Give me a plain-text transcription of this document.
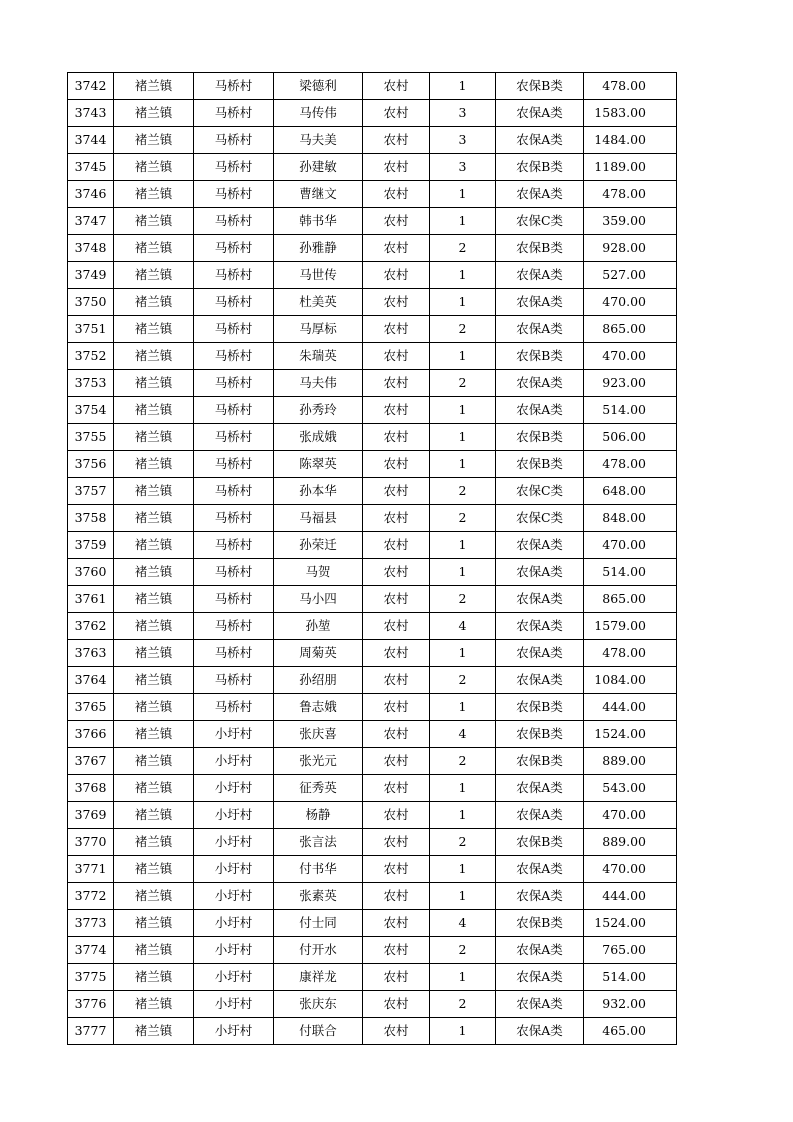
3742	褚兰镇	马桥村	梁德利	农村	1	农保B类	478.00
3743	褚兰镇	马桥村	马传伟	农村	3	农保A类	1583.00
3744	褚兰镇	马桥村	马夫美	农村	3	农保A类	1484.00
3745	褚兰镇	马桥村	孙建敏	农村	3	农保B类	1189.00
3746	褚兰镇	马桥村	曹继文	农村	1	农保A类	478.00
3747	褚兰镇	马桥村	韩书华	农村	1	农保C类	359.00
3748	褚兰镇	马桥村	孙雅静	农村	2	农保B类	928.00
3749	褚兰镇	马桥村	马世传	农村	1	农保A类	527.00
3750	褚兰镇	马桥村	杜美英	农村	1	农保A类	470.00
3751	褚兰镇	马桥村	马厚标	农村	2	农保A类	865.00
3752	褚兰镇	马桥村	朱瑞英	农村	1	农保B类	470.00
3753	褚兰镇	马桥村	马夫伟	农村	2	农保A类	923.00
3754	褚兰镇	马桥村	孙秀玲	农村	1	农保A类	514.00
3755	褚兰镇	马桥村	张成娥	农村	1	农保B类	506.00
3756	褚兰镇	马桥村	陈翠英	农村	1	农保B类	478.00
3757	褚兰镇	马桥村	孙本华	农村	2	农保C类	648.00
3758	褚兰镇	马桥村	马福县	农村	2	农保C类	848.00
3759	褚兰镇	马桥村	孙荣迁	农村	1	农保A类	470.00
3760	褚兰镇	马桥村	马贺	农村	1	农保A类	514.00
3761	褚兰镇	马桥村	马小四	农村	2	农保A类	865.00
3762	褚兰镇	马桥村	孙堃	农村	4	农保A类	1579.00
3763	褚兰镇	马桥村	周菊英	农村	1	农保A类	478.00
3764	褚兰镇	马桥村	孙绍朋	农村	2	农保A类	1084.00
3765	褚兰镇	马桥村	鲁志娥	农村	1	农保B类	444.00
3766	褚兰镇	小圩村	张庆喜	农村	4	农保B类	1524.00
3767	褚兰镇	小圩村	张光元	农村	2	农保B类	889.00
3768	褚兰镇	小圩村	征秀英	农村	1	农保A类	543.00
3769	褚兰镇	小圩村	杨静	农村	1	农保A类	470.00
3770	褚兰镇	小圩村	张言法	农村	2	农保B类	889.00
3771	褚兰镇	小圩村	付书华	农村	1	农保A类	470.00
3772	褚兰镇	小圩村	张素英	农村	1	农保A类	444.00
3773	褚兰镇	小圩村	付士同	农村	4	农保B类	1524.00
3774	褚兰镇	小圩村	付开水	农村	2	农保A类	765.00
3775	褚兰镇	小圩村	康祥龙	农村	1	农保A类	514.00
3776	褚兰镇	小圩村	张庆东	农村	2	农保A类	932.00
3777	褚兰镇	小圩村	付联合	农村	1	农保A类	465.00
